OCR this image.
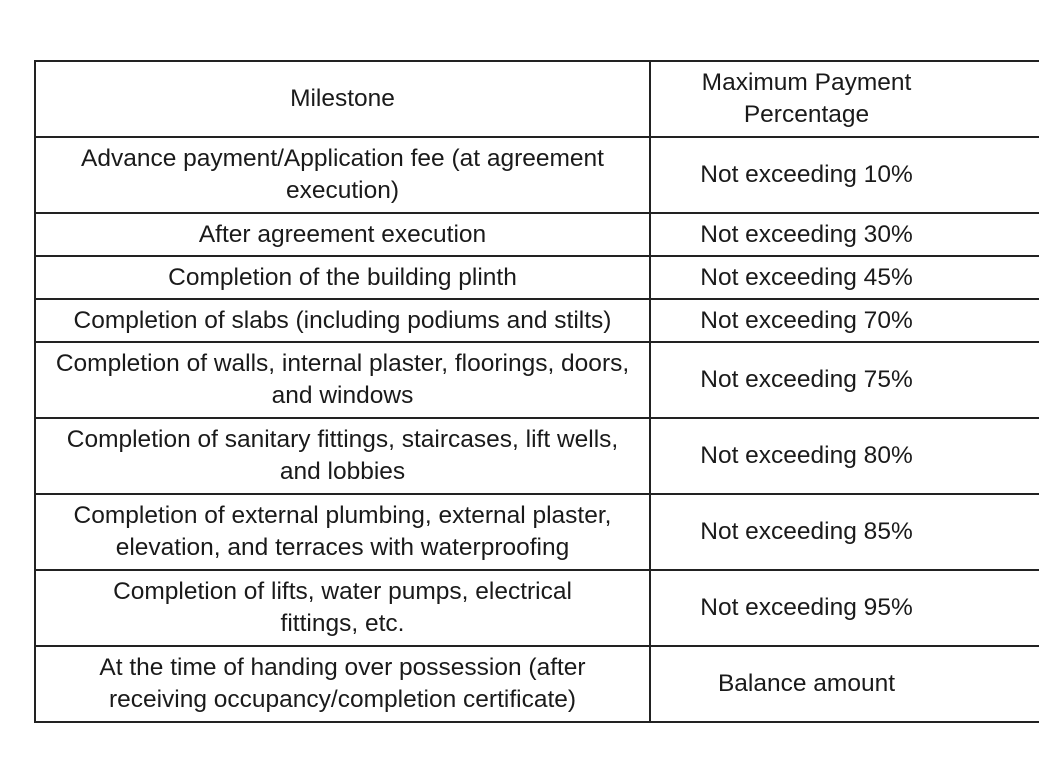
Milestone	Maximum Payment Percentage
Advance payment/Application fee (at agreement execution)	Not exceeding 10%
After agreement execution	Not exceeding 30%
Completion of the building plinth	Not exceeding 45%
Completion of slabs (including podiums and stilts)	Not exceeding 70%
Completion of walls, internal plaster, floorings, doors, and windows	Not exceeding 75%
Completion of sanitary fittings, staircases, lift wells, and lobbies	Not exceeding 80%
Completion of external plumbing, external plaster, elevation, and terraces with waterproofing	Not exceeding 85%
Completion of lifts, water pumps, electrical fittings, etc.	Not exceeding 95%
At the time of handing over possession (after receiving occupancy/completion certificate)	Balance amount
